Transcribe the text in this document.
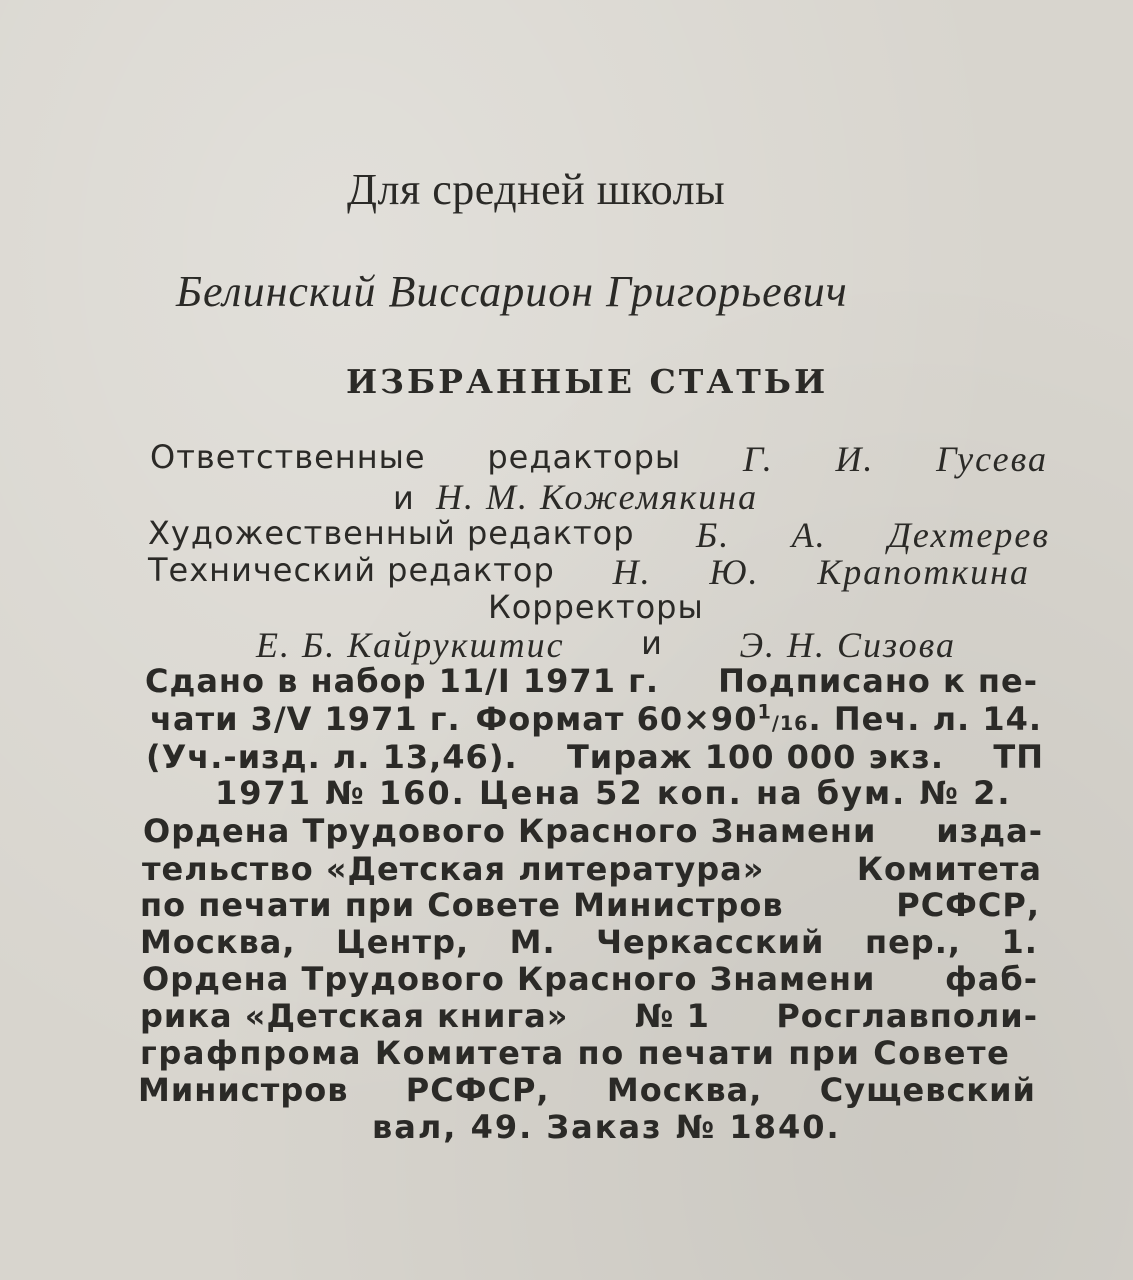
Для средней школы
Белинский Виссарион Григорьевич
ИЗБРАННЫЕ СТАТЬИ
Ответственные редакторы Г. И. Гусева
и Н. М. Кожемякина
Художественный редактор Б. А. Дехтерев
Технический редактор Н. Ю. Крапоткина
Корректоры
Е. Б. Кайрукштис и Э. Н. Сизова
Сдано в набор 11/I 1971 г. Подписано к пе-
чати 3/V 1971 г. Формат $60\times 90^1/16$. Печ. л. 14.
(Уч.-изд. л. 13,46). Тираж 100 000 экз. ТП
1971 № 160. Цена 52 коп. на бум. № 2.
Ордена Трудового Красного Знамени изда-
тельство «Детская литература»	Комитета
по печати при Совете Министров	РСФСР,
Москва, Центр, М. Черкасский пер., 1.
Ордена Трудового Красного Знамени фаб-
рика «Детская книга» № 1 Росглавполи-
графпрома Комитета по печати при Совете
Министров РСФСР, Москва, Сущевский
вал, 49. Заказ № 1840.
